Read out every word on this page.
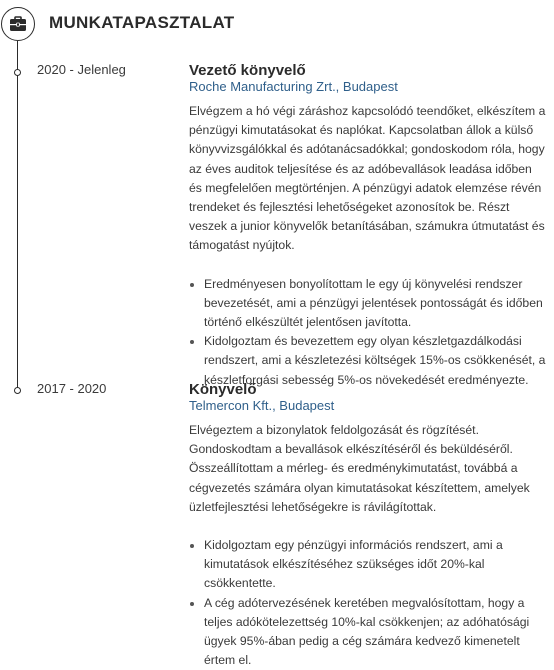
MUNKATAPASZTALAT
2020 - Jelenleg	Vezető könyvelő
Roche Manufacturing Zrt., Budapest
Elvégzem a hó végi záráshoz kapcsolódó teendőket, elkészítem a pénzügyi kimutatásokat és naplókat. Kapcsolatban állok a külső könyvvizsgálókkal és adótanácsadókkal; gondoskodom róla, hogy az éves auditok teljesítése és az adóbevallások leadása időben és megfelelően megtörténjen. A pénzügyi adatok elemzése révén trendeket és fejlesztési lehetőségeket azonosítok be. Részt veszek a junior könyvelők betanításában, számukra útmutatást és támogatást nyújtok.
Eredményesen bonyolítottam le egy új könyvelési rendszer bevezetését, ami a pénzügyi jelentések pontosságát és időben történő elkészültét jelentősen javította.
Kidolgoztam és bevezettem egy olyan készletgazdálkodási rendszert, ami a készletezési költségek 15%-os csökkenését, a készletforgási sebesség 5%-os növekedését eredményezte.
2017 - 2020	Könyvelő
Telmercon Kft., Budapest
Elvégeztem a bizonylatok feldolgozását és rögzítését. Gondoskodtam a bevallások elkészítéséről és beküldéséről. Összeállítottam a mérleg- és eredménykimutatást, továbbá a cégvezetés számára olyan kimutatásokat készítettem, amelyek üzletfejlesztési lehetőségekre is rávilágítottak.
Kidolgoztam egy pénzügyi információs rendszert, ami a kimutatások elkészítéséhez szükséges időt 20%-kal csökkentette.
A cég adótervezésének keretében megvalósítottam, hogy a teljes adókötelezettség 10%-kal csökkenjen; az adóhatósági ügyek 95%-ában pedig a cég számára kedvező kimenetelt értem el.
